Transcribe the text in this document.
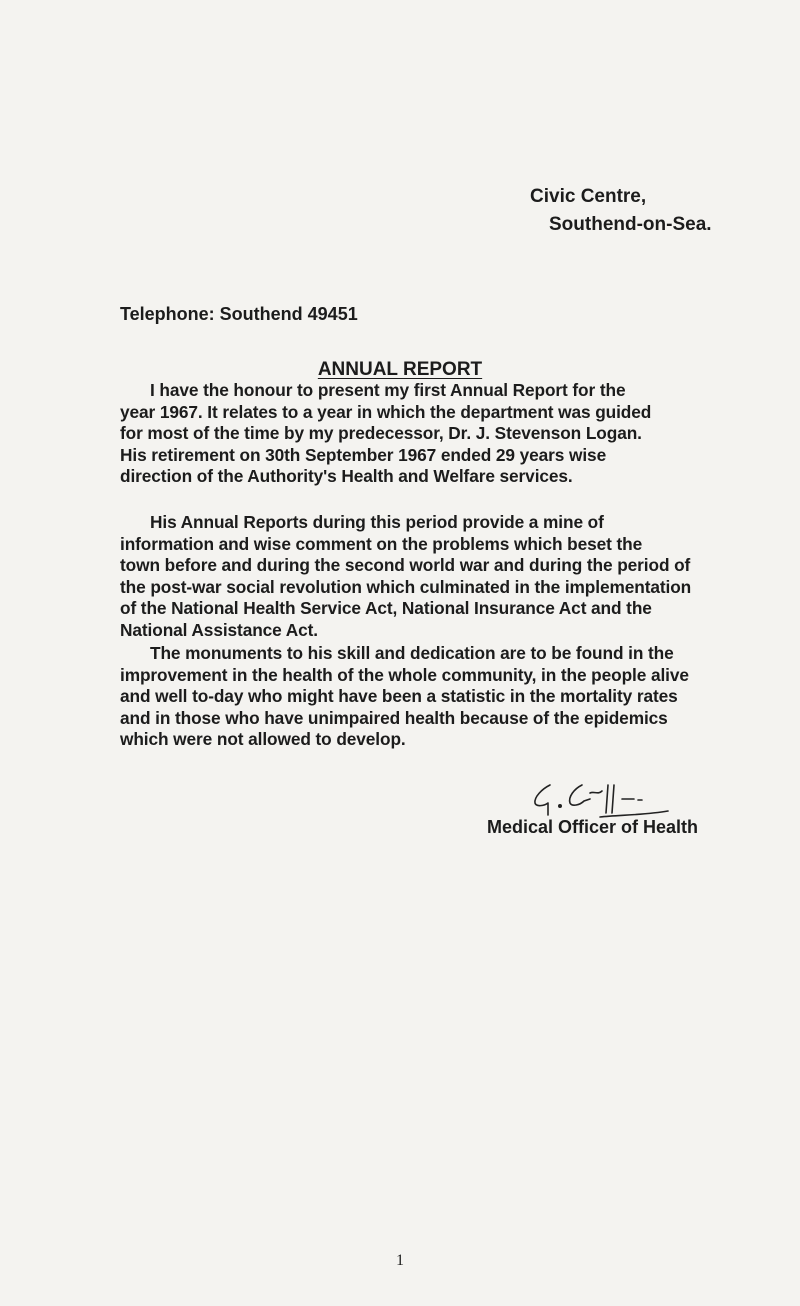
Civic Centre,
Southend-on-Sea.
Telephone: Southend 49451
ANNUAL REPORT
I have the honour to present my first Annual Report for the
year 1967. It relates to a year in which the department was guided
for most of the time by my predecessor, Dr. J. Stevenson Logan.
His retirement on 30th September 1967 ended 29 years wise
direction of the Authority's Health and Welfare services.
His Annual Reports during this period provide a mine of
information and wise comment on the problems which beset the
town before and during the second world war and during the period of
the post-war social revolution which culminated in the implementation
of the National Health Service Act, National Insurance Act and the
National Assistance Act.
The monuments to his skill and dedication are to be found in the
improvement in the health of the whole community, in the people alive
and well to-day who might have been a statistic in the mortality rates
and in those who have unimpaired health because of the epidemics
which were not allowed to develop.
Medical Officer of Health
1
